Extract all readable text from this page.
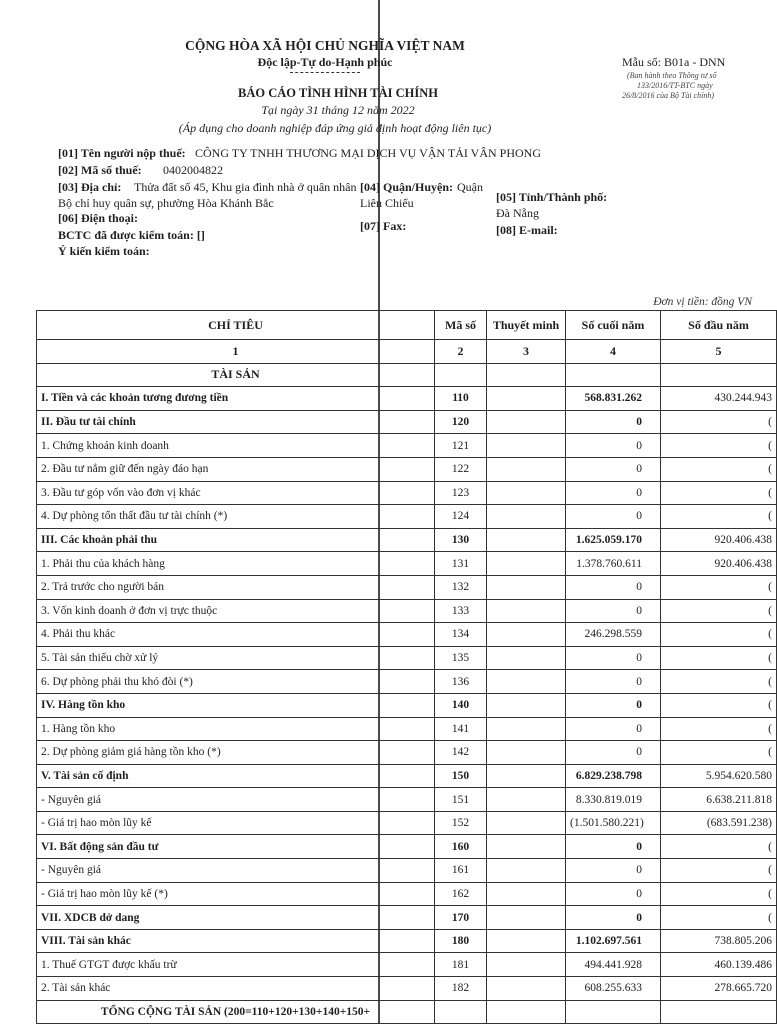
CỘNG HÒA XÃ HỘI CHỦ NGHĨA VIỆT NAM
Độc lập-Tự do-Hạnh phúc	Mẫu số: B01a - DNN
(Ban hành theo Thông tư số
133/2016/TT-BTC ngày
26/8/2016 của Bộ Tài chính)
BÁO CÁO TÌNH HÌNH TÀI CHÍNH
Tại ngày 31 tháng 12 năm 2022
(Áp dụng cho doanh nghiệp đáp ứng giả định hoạt động liên tục)
[01] Tên người nộp thuế: CÔNG TY TNHH THƯƠNG MẠI DỊCH VỤ VẬN TẢI VÂN PHONG
[02] Mã số thuế: 0402004822
[03] Địa chỉ: Thửa đất số 45, Khu gia đình nhà ở quân nhân
Bộ chỉ huy quân sự, phường Hòa Khánh Bắc
[04] Quận/Huyện: Quận
Liên Chiểu	[05] Tỉnh/Thành phố:
Đà Nẵng
[06] Điện thoại:
[07] Fax:	[08] E-mail:
BCTC đã được kiểm toán: []
Ý kiến kiểm toán:
Đơn vị tiền: đồng VN
CHỈ TIÊU	Mã số	Thuyết minh	Số cuối năm	Số đầu năm
1	2	3	4	5
TÀI SẢN				
I. Tiền và các khoản tương đương tiền	110		568.831.262	430.244.943
II. Đầu tư tài chính	120		0	(
1. Chứng khoán kinh doanh	121		0	(
2. Đầu tư nắm giữ đến ngày đáo hạn	122		0	(
3. Đầu tư góp vốn vào đơn vị khác	123		0	(
4. Dự phòng tổn thất đầu tư tài chính (*)	124		0	(
III. Các khoản phải thu	130		1.625.059.170	920.406.438
1. Phải thu của khách hàng	131		1.378.760.611	920.406.438
2. Trả trước cho người bán	132		0	(
3. Vốn kinh doanh ở đơn vị trực thuộc	133		0	(
4. Phải thu khác	134		246.298.559	(
5. Tài sản thiếu chờ xử lý	135		0	(
6. Dự phòng phải thu khó đòi (*)	136		0	(
IV. Hàng tồn kho	140		0	(
1. Hàng tồn kho	141		0	(
2. Dự phòng giảm giá hàng tồn kho (*)	142		0	(
V. Tài sản cố định	150		6.829.238.798	5.954.620.580
- Nguyên giá	151		8.330.819.019	6.638.211.818
- Giá trị hao mòn lũy kế	152		(1.501.580.221)	(683.591.238)
VI. Bất động sản đầu tư	160		0	(
- Nguyên giá	161		0	(
- Giá trị hao mòn lũy kế (*)	162		0	(
VII. XDCB dở dang	170		0	(
VIII. Tài sản khác	180		1.102.697.561	738.805.206
1. Thuế GTGT được khấu trừ	181		494.441.928	460.139.486
2. Tài sản khác	182		608.255.633	278.665.720
TỔNG CỘNG TÀI SẢN (200=110+120+130+140+150+				
